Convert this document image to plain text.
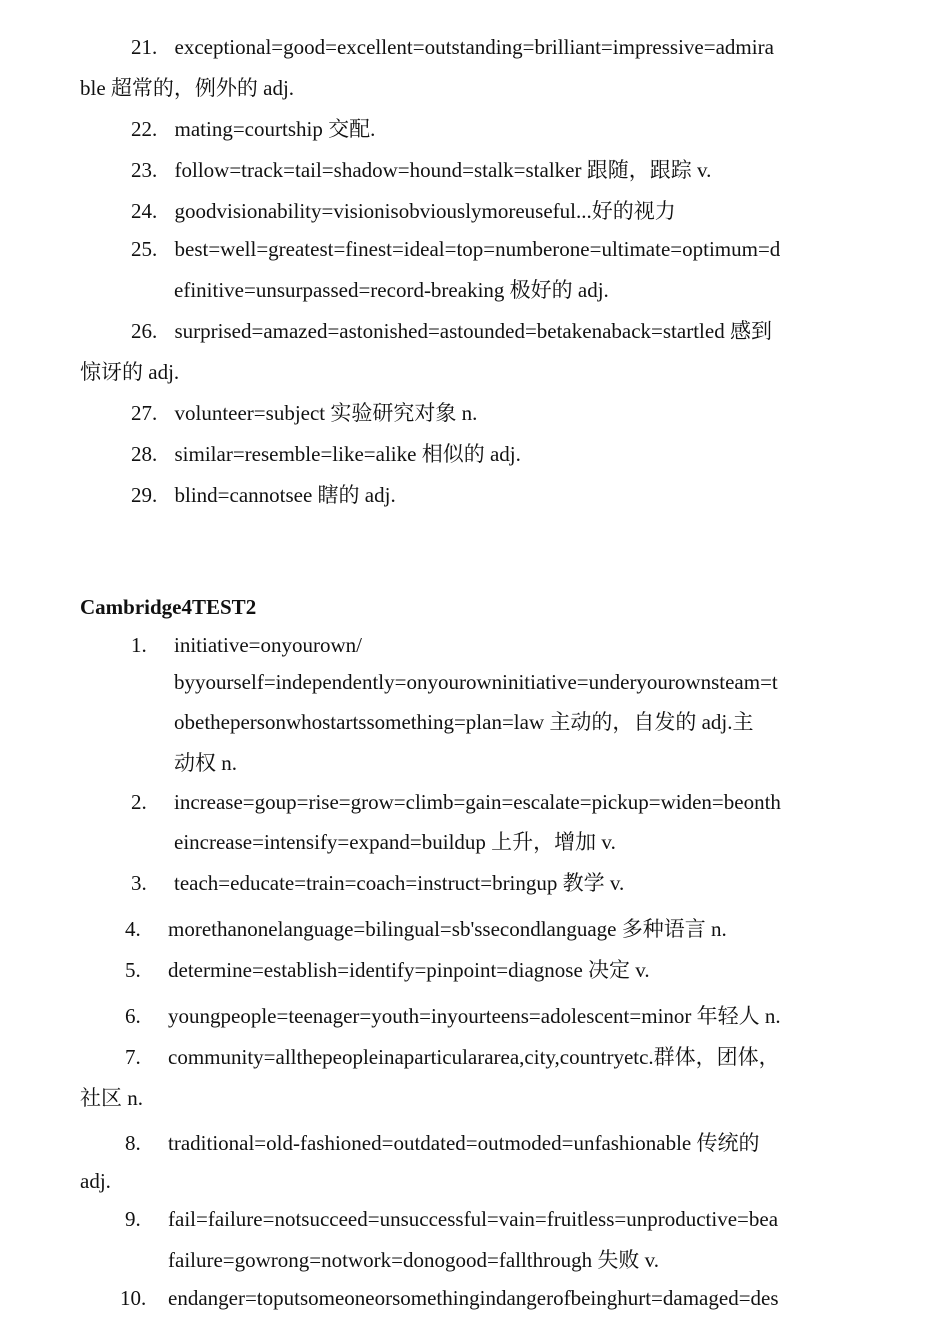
21. exceptional=good=excellent=outstanding=brilliant=impressive=admira
ble 超常的，例外的 adj.
22. mating=courtship 交配.
23. follow=track=tail=shadow=hound=stalk=stalker 跟随，跟踪 v.
24. goodvisionability=visionisobviouslymoreuseful...好的视力
25. best=well=greatest=finest=ideal=top=numberone=ultimate=optimum=d
efinitive=unsurpassed=record-breaking 极好的 adj.
26. surprised=amazed=astonished=astounded=betakenaback=startled 感到
惊讶的 adj.
27. volunteer=subject 实验研究对象 n.
28. similar=resemble=like=alike 相似的 adj.
29. blind=cannotsee 瞎的 adj.
Cambridge4TEST2
1. initiative=onyourown/
byyourself=independently=onyourowninitiative=underyourownsteam=t
obethepersonwhostartssomething=plan=law 主动的，自发的 adj.主
动权 n.
2. increase=goup=rise=grow=climb=gain=escalate=pickup=widen=beonth
eincrease=intensify=expand=buildup 上升，增加 v.
3. teach=educate=train=coach=instruct=bringup 教学 v.
4. morethanonelanguage=bilingual=sb'ssecondlanguage 多种语言 n.
5. determine=establish=identify=pinpoint=diagnose 决定 v.
6. youngpeople=teenager=youth=inyourteens=adolescent=minor 年轻人 n.
7. community=allthepeopleinaparticulararea,city,countryetc.群体，团体，
社区 n.
8. traditional=old-fashioned=outdated=outmoded=unfashionable 传统的
adj.
9. fail=failure=notsucceed=unsuccessful=vain=fruitless=unproductive=bea
failure=gowrong=notwork=donogood=fallthrough 失败 v.
10. endanger=toputsomeoneorsomethingindangerofbeinghurt=damaged=des
